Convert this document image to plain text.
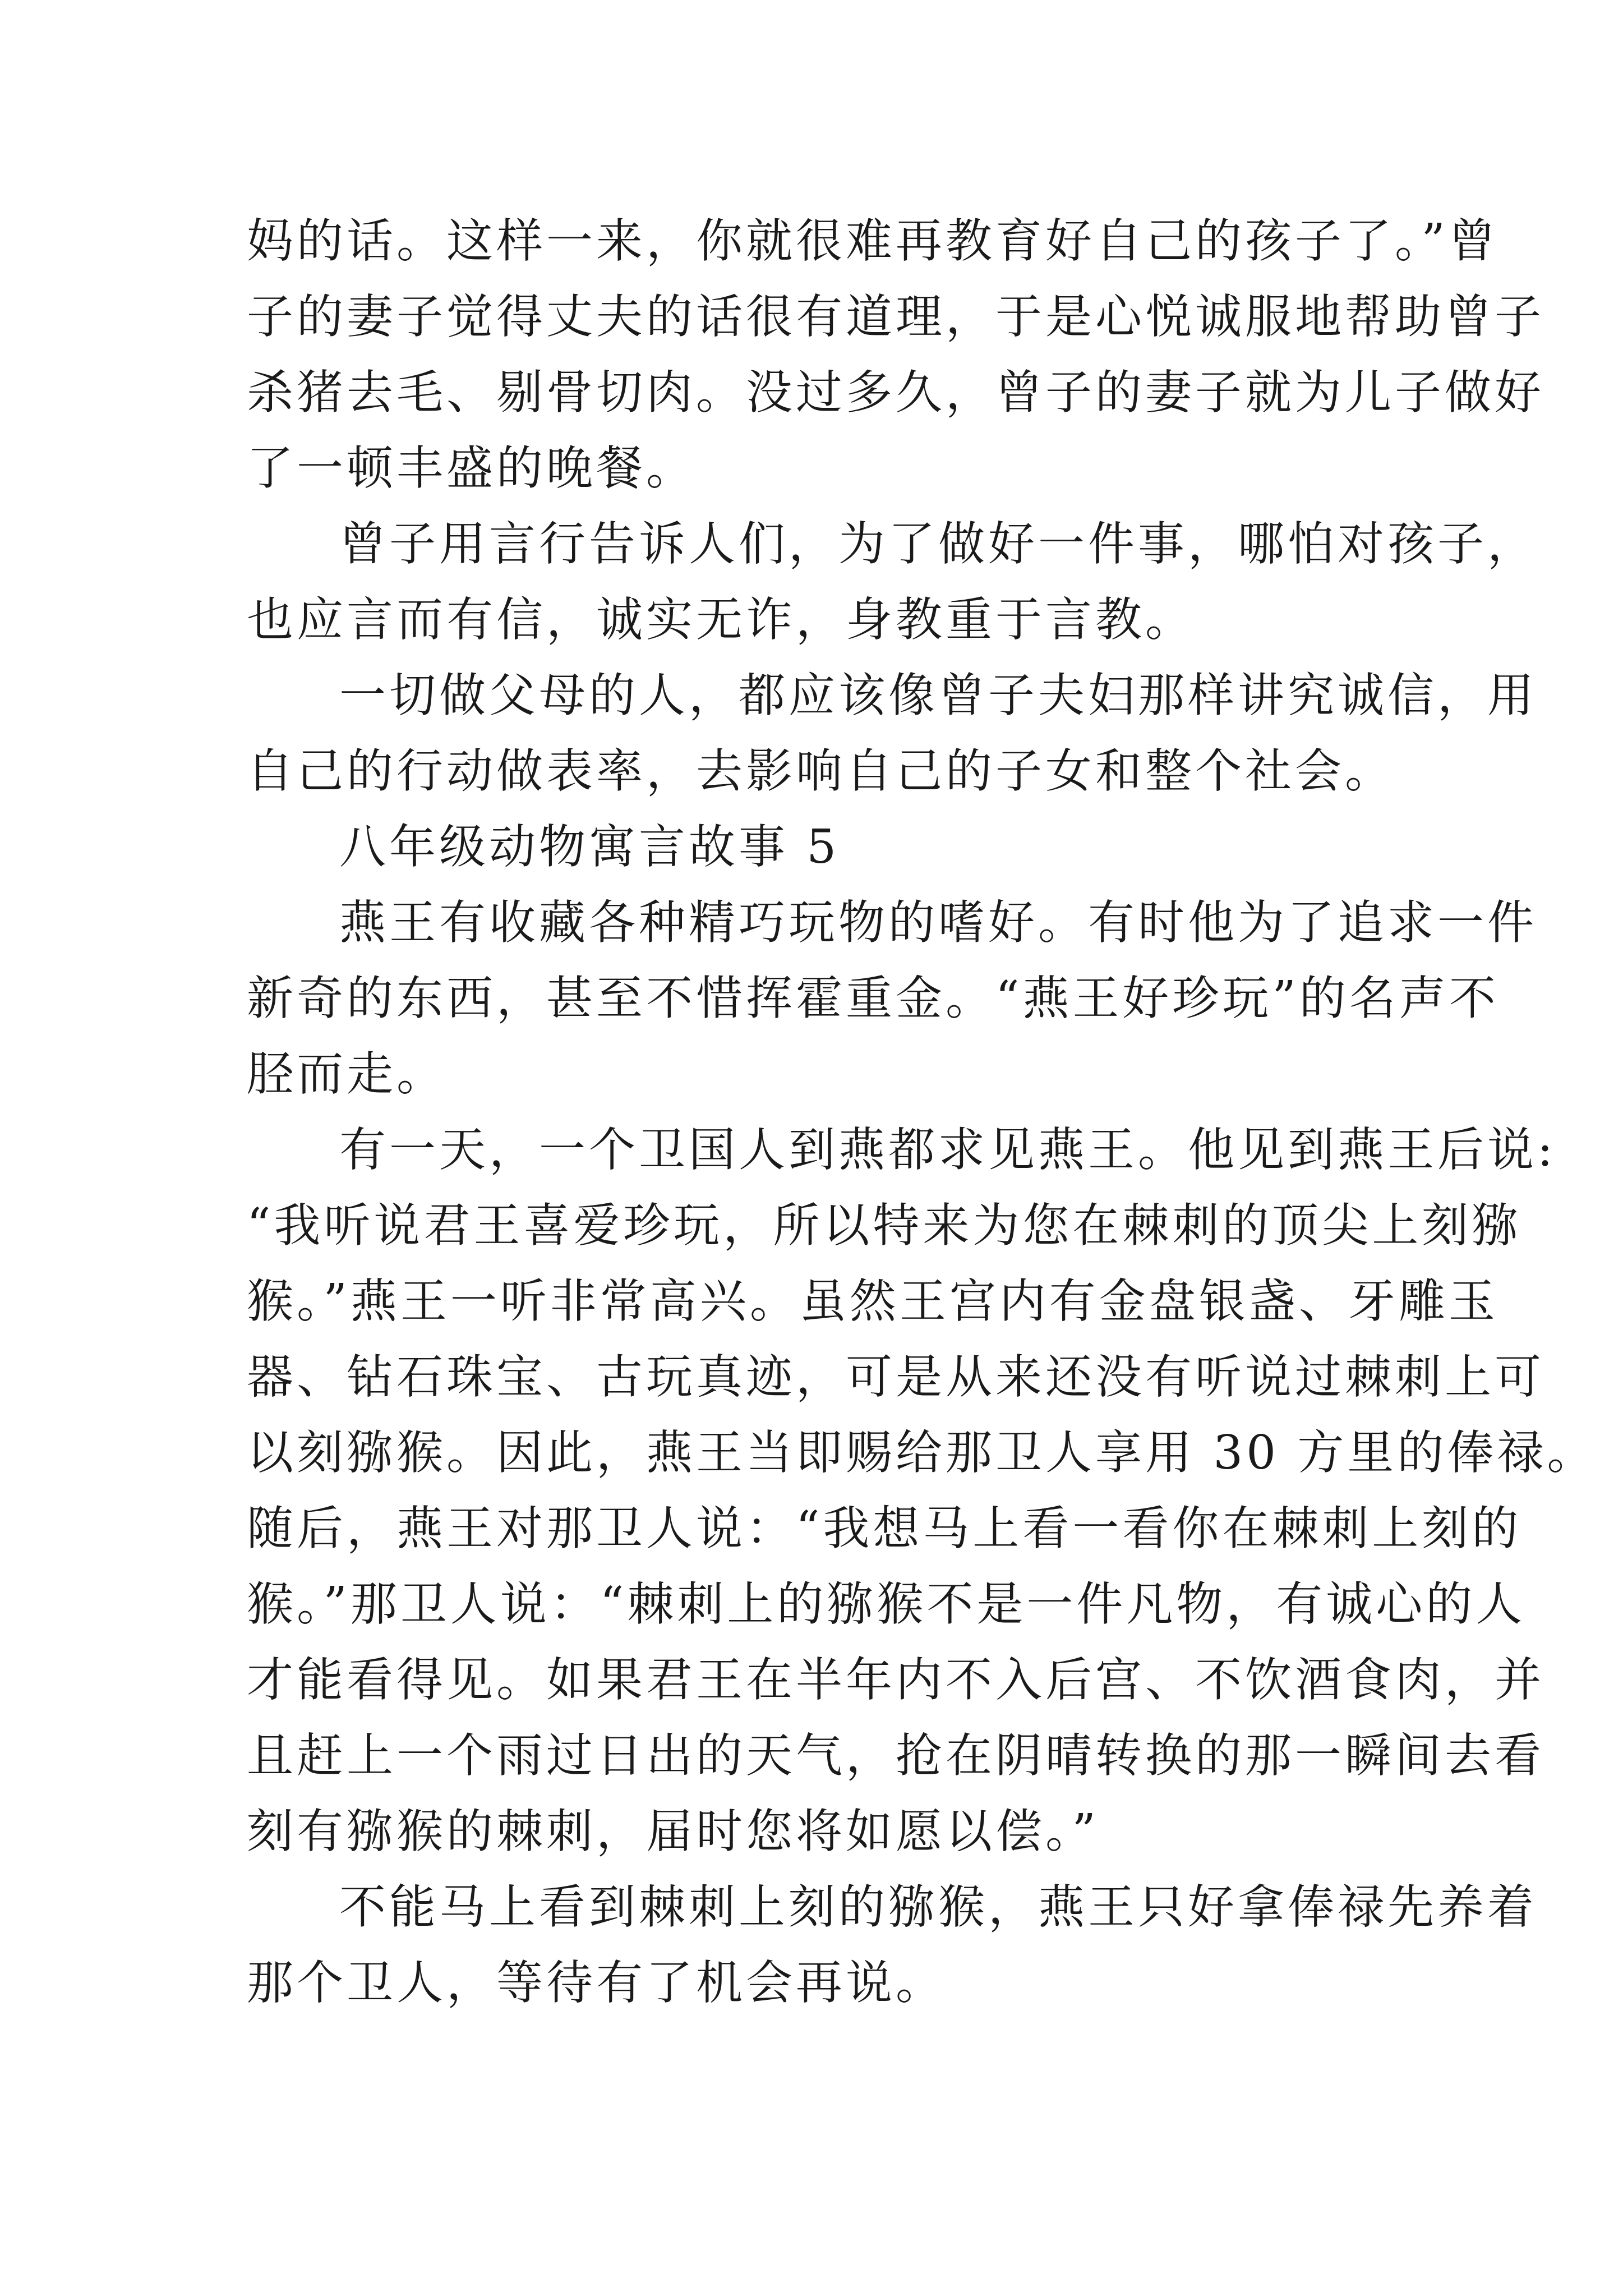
妈的话。这样一来，你就很难再教育好自己的孩子了。”曾
子的妻子觉得丈夫的话很有道理，于是心悦诚服地帮助曾子
杀猪去毛、剔骨切肉。没过多久，曾子的妻子就为儿子做好
了一顿丰盛的晚餐。
曾子用言行告诉人们，为了做好一件事，哪怕对孩子，
也应言而有信，诚实无诈，身教重于言教。
一切做父母的人，都应该像曾子夫妇那样讲究诚信，用
自己的行动做表率，去影响自己的子女和整个社会。
八年级动物寓言故事 5
燕王有收藏各种精巧玩物的嗜好。有时他为了追求一件
新奇的东西，甚至不惜挥霍重金。“燕王好珍玩”的名声不
胫而走。
有一天，一个卫国人到燕都求见燕王。他见到燕王后说:
“我听说君王喜爱珍玩，所以特来为您在棘刺的顶尖上刻猕
猴。”燕王一听非常高兴。虽然王宫内有金盘银盏、牙雕玉
器、钻石珠宝、古玩真迹，可是从来还没有听说过棘刺上可
以刻猕猴。因此，燕王当即赐给那卫人享用 30 方里的俸禄。
随后，燕王对那卫人说：“我想马上看一看你在棘刺上刻的
猴。”那卫人说：“棘刺上的猕猴不是一件凡物，有诚心的人
才能看得见。如果君王在半年内不入后宫、不饮酒食肉，并
且赶上一个雨过日出的天气，抢在阴晴转换的那一瞬间去看
刻有猕猴的棘刺，届时您将如愿以偿。”
不能马上看到棘刺上刻的猕猴，燕王只好拿俸禄先养着
那个卫人，等待有了机会再说。
